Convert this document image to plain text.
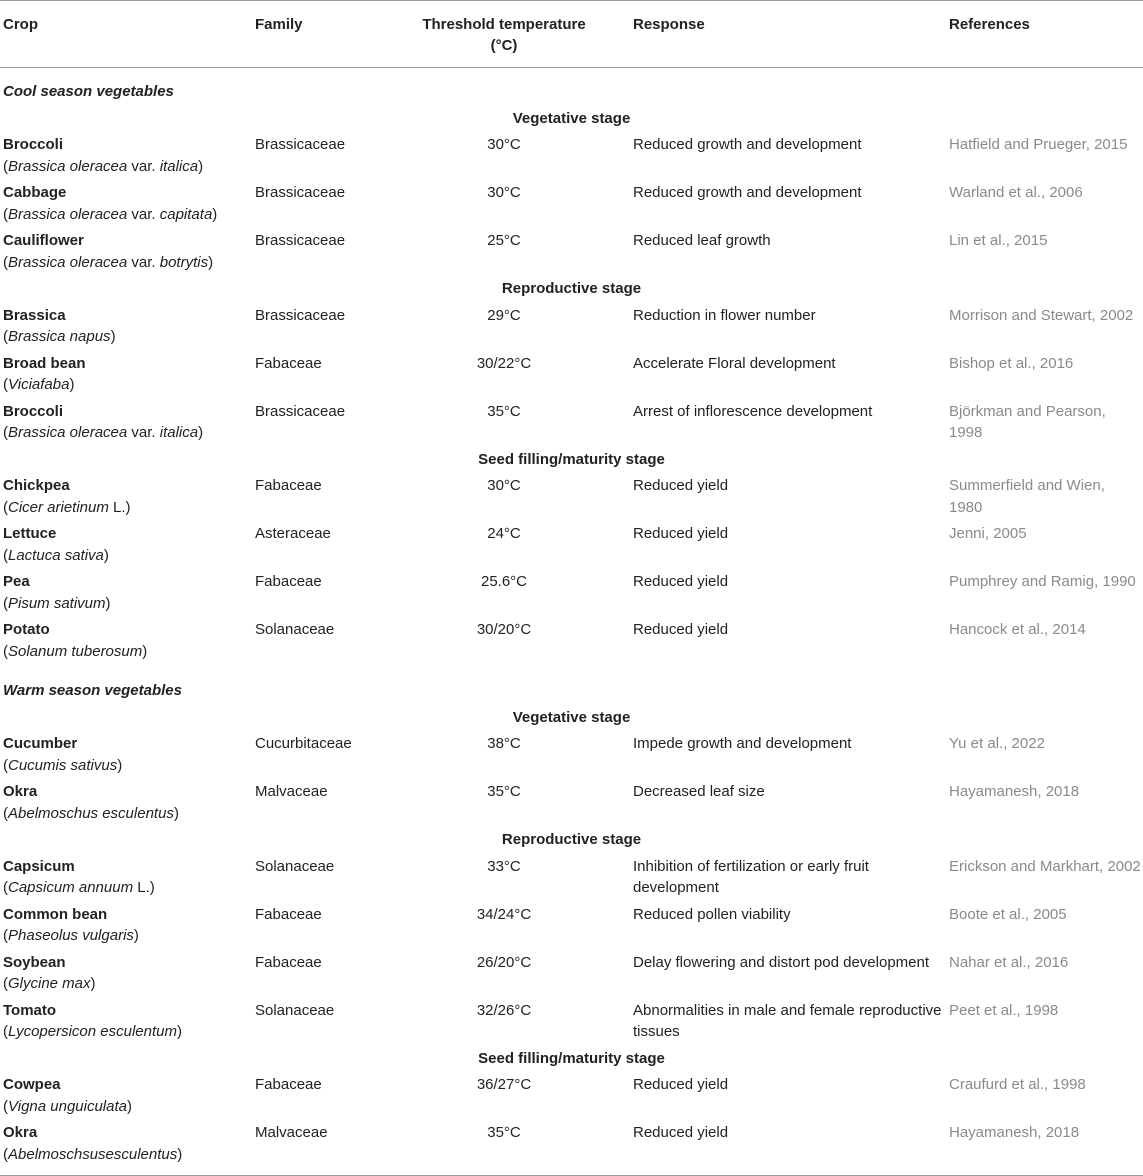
Crop	Family	Threshold temperature (°C)	Response	References
Cool season vegetables				
Vegetative stage				

Broccoli
(Brassica oleracea var. italica)	Brassicaceae	30°C	Reduced growth and development	Hatfield and Prueger, 2015

Cabbage
(Brassica oleracea var. capitata)	Brassicaceae	30°C	Reduced growth and development	Warland et al., 2006

Cauliflower
(Brassica oleracea var. botrytis)	Brassicaceae	25°C	Reduced leaf growth	Lin et al., 2015
Reproductive stage				

Brassica
(Brassica napus)	Brassicaceae	29°C	Reduction in flower number	Morrison and Stewart, 2002

Broad bean
(Viciafaba)	Fabaceae	30/22°C	Accelerate Floral development	Bishop et al., 2016

Broccoli
(Brassica oleracea var. italica)	Brassicaceae	35°C	Arrest of inflorescence development	Björkman and Pearson, 1998
Seed filling/maturity stage				

Chickpea
(Cicer arietinum L.)	Fabaceae	30°C	Reduced yield	Summerfield and Wien, 1980

Lettuce
(Lactuca sativa)	Asteraceae	24°C	Reduced yield	Jenni, 2005

Pea
(Pisum sativum)	Fabaceae	25.6°C	Reduced yield	Pumphrey and Ramig, 1990

Potato
(Solanum tuberosum)	Solanaceae	30/20°C	Reduced yield	Hancock et al., 2014
Warm season vegetables				
Vegetative stage				

Cucumber
(Cucumis sativus)	Cucurbitaceae	38°C	Impede growth and development	Yu et al., 2022

Okra
(Abelmoschus esculentus)	Malvaceae	35°C	Decreased leaf size	Hayamanesh, 2018
Reproductive stage				

Capsicum
(Capsicum annuum L.)	Solanaceae	33°C	Inhibition of fertilization or early fruit development	Erickson and Markhart, 2002

Common bean
(Phaseolus vulgaris)	Fabaceae	34/24°C	Reduced pollen viability	Boote et al., 2005

Soybean
(Glycine max)	Fabaceae	26/20°C	Delay flowering and distort pod development	Nahar et al., 2016

Tomato
(Lycopersicon esculentum)	Solanaceae	32/26°C	Abnormalities in male and female reproductive tissues	Peet et al., 1998
Seed filling/maturity stage				

Cowpea
(Vigna unguiculata)	Fabaceae	36/27°C	Reduced yield	Craufurd et al., 1998

Okra
(Abelmoschsusesculentus)	Malvaceae	35°C	Reduced yield	Hayamanesh, 2018
